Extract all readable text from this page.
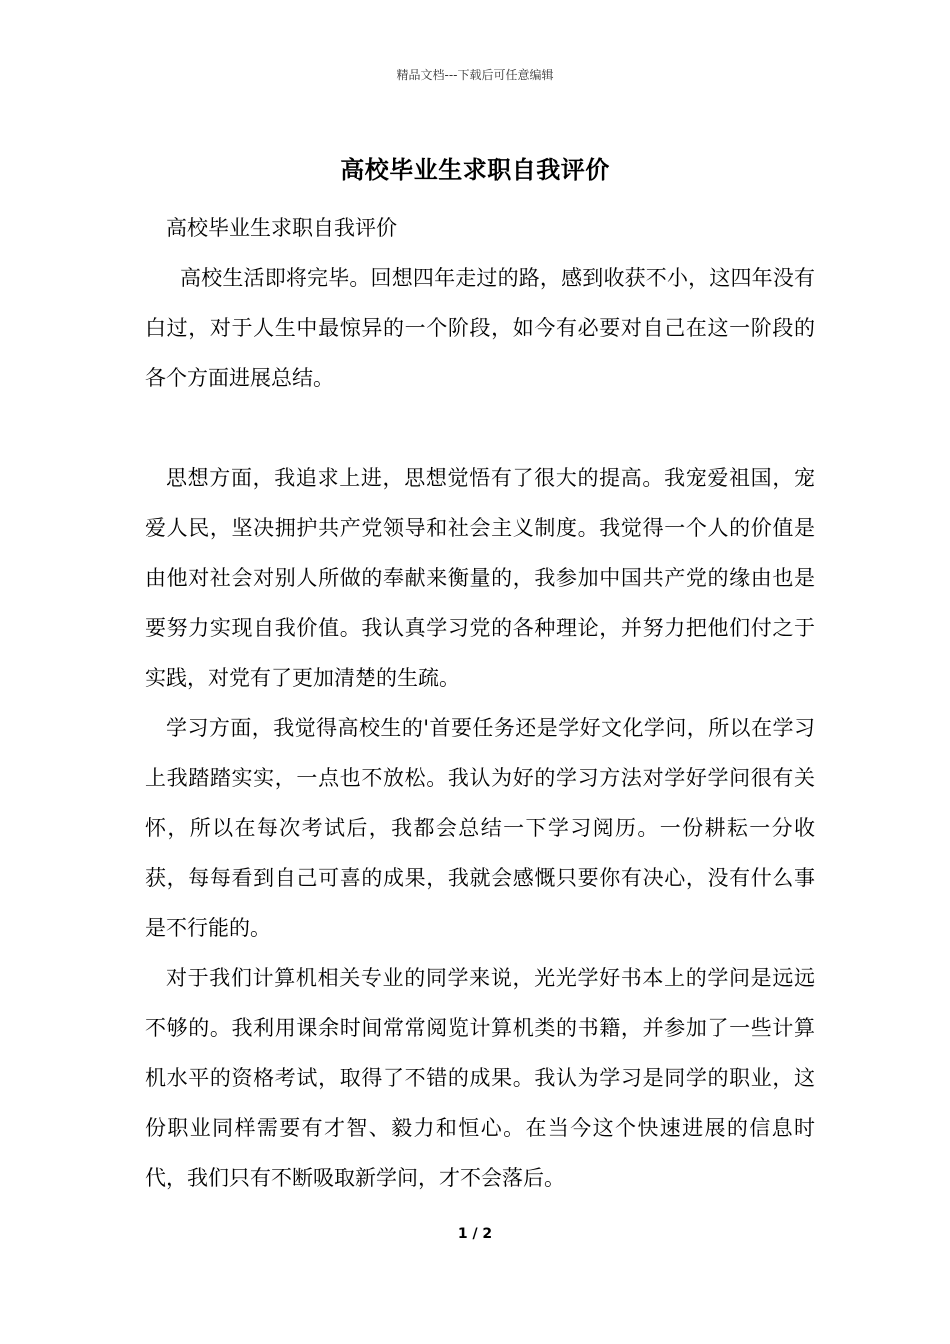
精品文档---下载后可任意编辑
高校毕业生求职自我评价

高校毕业生求职自我评价

高校生活即将完毕。回想四年走过的路，感到收获不小，这四年没有白过，对于人生中最惊异的一个阶段，如今有必要对自己在这一阶段的各个方面进展总结。

思想方面，我追求上进，思想觉悟有了很大的提高。我宠爱祖国，宠爱人民，坚决拥护共产党领导和社会主义制度。我觉得一个人的价值是由他对社会对别人所做的奉献来衡量的，我参加中国共产党的缘由也是要努力实现自我价值。我认真学习党的各种理论，并努力把他们付之于实践，对党有了更加清楚的生疏。

学习方面，我觉得高校生的'首要任务还是学好文化学问，所以在学习上我踏踏实实，一点也不放松。我认为好的学习方法对学好学问很有关怀，所以在每次考试后，我都会总结一下学习阅历。一份耕耘一分收获，每每看到自己可喜的成果，我就会感慨只要你有决心，没有什么事是不行能的。

对于我们计算机相关专业的同学来说，光光学好书本上的学问是远远不够的。我利用课余时间常常阅览计算机类的书籍，并参加了一些计算机水平的资格考试，取得了不错的成果。我认为学习是同学的职业，这份职业同样需要有才智、毅力和恒心。在当今这个快速进展的信息时代，我们只有不断吸取新学问，才不会落后。

1 / 2
